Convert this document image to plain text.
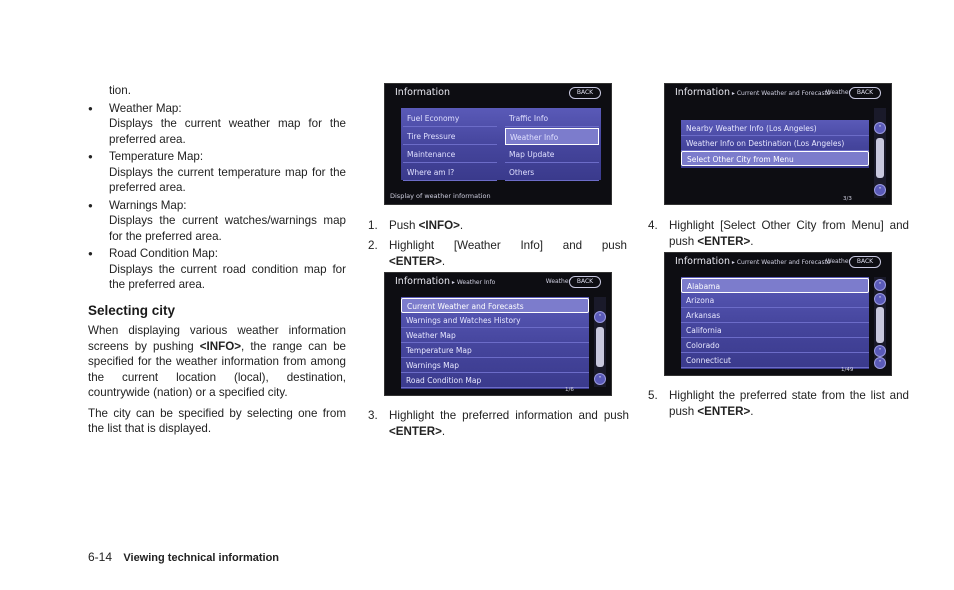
tion.

● Weather Map:

Displays the current weather map for the preferred area.

● Temperature Map:

Displays the current temperature map for the preferred area.

● Warnings Map:

Displays the current watches/warnings map for the preferred area.

● Road Condition Map:

Displays the current road condition map for the preferred area.

Selecting city

When displaying various weather information screens by pushing <INFO>, the range can be specified for the weather information from among the current location (local), destination, countrywide (nation) or a specified city.

The city can be specified by selecting one from the list that is displayed.

Information	BACK
Fuel Economy
Tire Pressure
Maintenance
Where am I?
Traffic Info
Weather Info
Map Update
Others
Display of weather information
1. Push <INFO>.
2. Highlight [Weather Info] and push <ENTER>.
Information ▸ Weather Info	Weather BACK
Current Weather and Forecasts
Warnings and Watches History
Weather Map
Temperature Map
Warnings Map
Road Condition Map
ˆ
ˇ
1/6
3. Highlight the preferred information and push <ENTER>.
Information ▸ Current Weather and Forecasts
Weather BACK
Nearby Weather Info (Los Angeles)
Weather Info on Destination (Los Angeles)
Select Other City from Menu
ˆ
ˇ
3/3
4. Highlight [Select Other City from Menu] and push <ENTER>.
Information ▸ Current Weather and Forecasts
Weather BACK
Alabama
Arizona
Arkansas
California
Colorado
Connecticut
ˆ
ˆ
ˇ
ˇ
1/49
5. Highlight the preferred state from the list and push <ENTER>.
6-14 Viewing technical information
